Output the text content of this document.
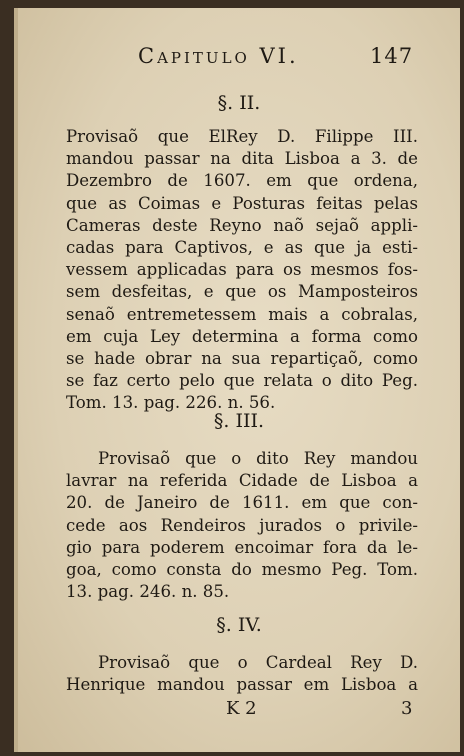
Capitulo VI.	147
§. II.
Provisaõ que ElRey D. Filippe III.
mandou passar na dita Lisboa a 3. de
Dezembro de 1607. em que ordena,
que as Coimas e Posturas feitas pelas
Cameras deste Reyno naõ sejaõ appli-
cadas para Captivos, e as que ja esti-
vessem applicadas para os mesmos fos-
sem desfeitas, e que os Mamposteiros
senaõ entremetessem mais a cobralas,
em cuja Ley determina a forma como
se hade obrar na sua repartiçaõ, como
se faz certo pelo que relata o dito Peg.
Tom. 13. pag. 226. n. 56.
§. III.
Provisaõ que o dito Rey mandou
lavrar na referida Cidade de Lisboa a
20. de Janeiro de 1611. em que con-
cede aos Rendeiros jurados o privile-
gio para poderem encoimar fora da le-
goa, como consta do mesmo Peg. Tom.
13. pag. 246. n. 85.
§. IV.
Provisaõ que o Cardeal Rey D.
Henrique mandou passar em Lisboa a
K 2	3
